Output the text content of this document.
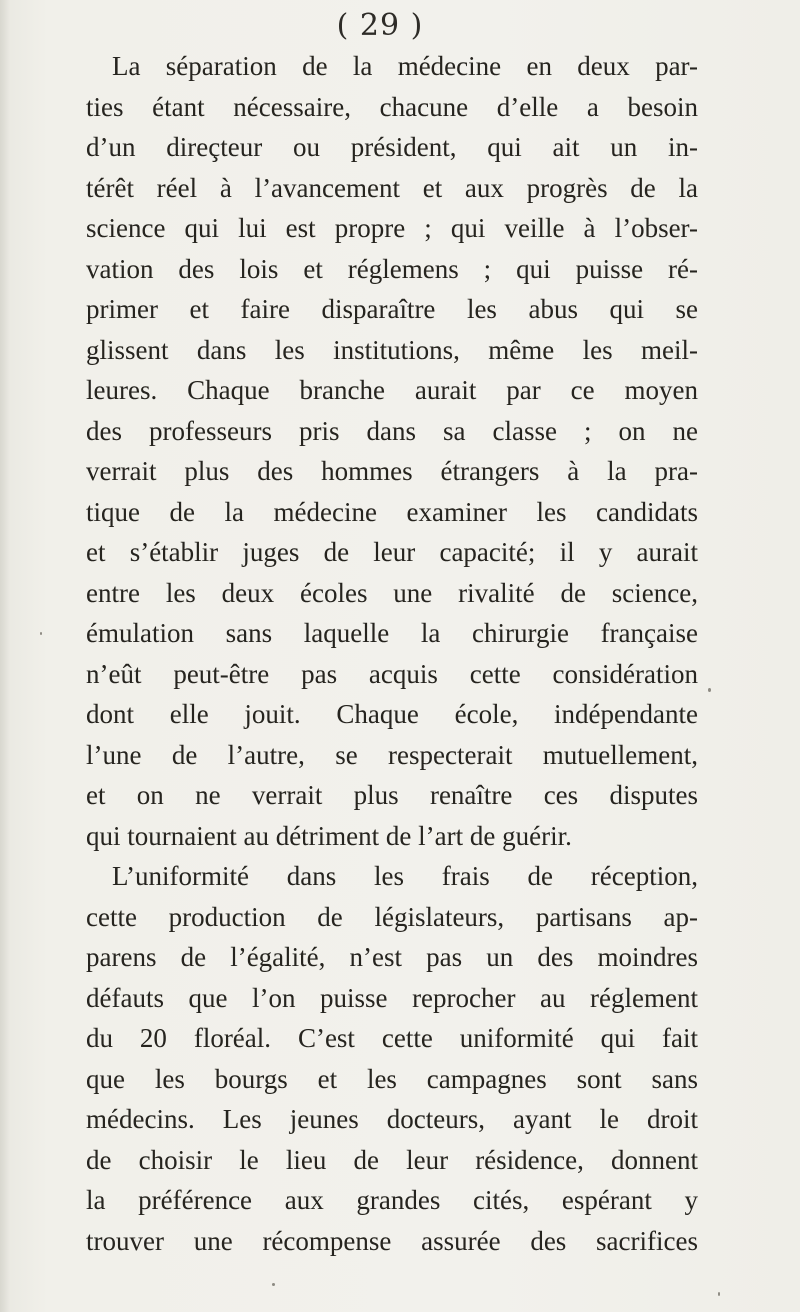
( 29 )
La séparation de la médecine en deux par-
ties étant nécessaire, chacune d’elle a besoin
d’un direçteur ou président, qui ait un in-
térêt réel à l’avancement et aux progrès de la
science qui lui est propre ; qui veille à l’obser-
vation des lois et réglemens ; qui puisse ré-
primer et faire disparaître les abus qui se
glissent dans les institutions, même les meil-
leures. Chaque branche aurait par ce moyen
des professeurs pris dans sa classe ; on ne
verrait plus des hommes étrangers à la pra-
tique de la médecine examiner les candidats
et s’établir juges de leur capacité; il y aurait
entre les deux écoles une rivalité de science,
émulation sans laquelle la chirurgie française
n’eût peut-être pas acquis cette considération
dont elle jouit. Chaque école, indépendante
l’une de l’autre, se respecterait mutuellement,
et on ne verrait plus renaître ces disputes
qui tournaient au détriment de l’art de guérir.
L’uniformité dans les frais de réception,
cette production de législateurs, partisans ap-
parens de l’égalité, n’est pas un des moindres
défauts que l’on puisse reprocher au réglement
du 20 floréal. C’est cette uniformité qui fait
que les bourgs et les campagnes sont sans
médecins. Les jeunes docteurs, ayant le droit
de choisir le lieu de leur résidence, donnent
la préférence aux grandes cités, espérant y
trouver une récompense assurée des sacrifices
